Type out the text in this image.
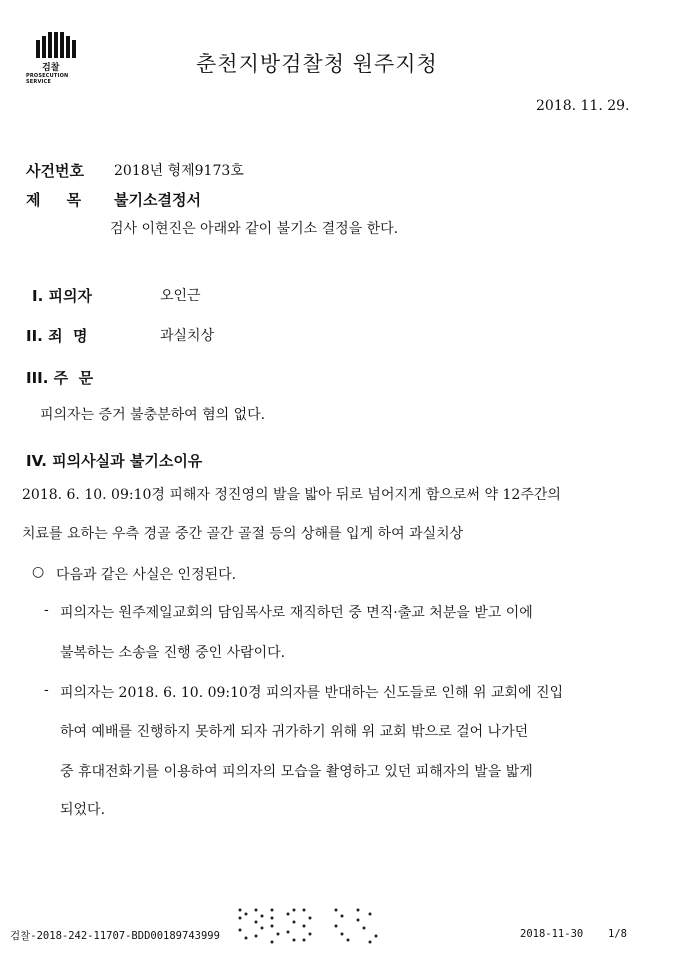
검찰
PROSECUTION SERVICE
춘천지방검찰청 원주지청
2018. 11. 29.
사건번호 2018년 형제9173호
제     목 불기소결정서
검사 이현진은 아래와 같이 불기소 결정을 한다.
I. 피의자	오인근
II. 죄  명	과실치상
III. 주  문
피의자는 증거 불충분하여 혐의 없다.
IV. 피의사실과 불기소이유
2018. 6. 10. 09:10경 피해자 정진영의 발을 밟아 뒤로 넘어지게 함으로써 약 12주간의
치료를 요하는 우측 경골 중간 골간 골절 등의 상해를 입게 하여 과실치상
○ 다음과 같은 사실은 인정된다.
- 피의자는 원주제일교회의 담임목사로 재직하던 중 면직·출교 처분을 받고 이에
불복하는 소송을 진행 중인 사람이다.
- 피의자는 2018. 6. 10. 09:10경 피의자를 반대하는 신도들로 인해 위 교회에 진입
하여 예배를 진행하지 못하게 되자 귀가하기 위해 위 교회 밖으로 걸어 나가던
중 휴대전화기를 이용하여 피의자의 모습을 촬영하고 있던 피해자의 발을 밟게
되었다.
검찰-2018-242-11707-BDD00189743999	2018-11-30 1/8
